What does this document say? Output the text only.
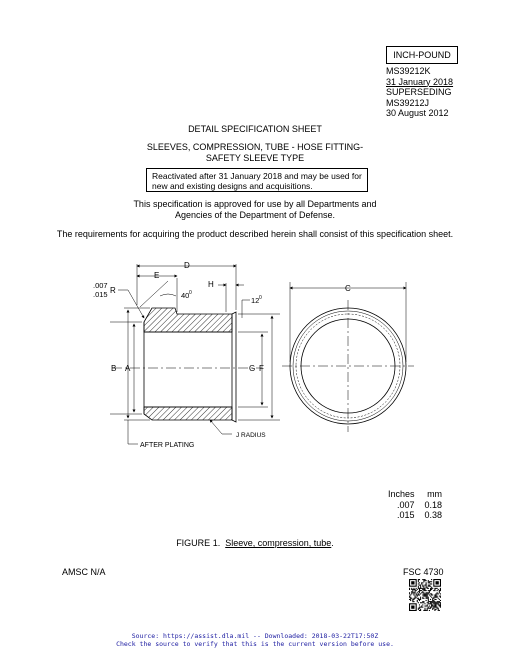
INCH-POUND
MS39212K
31 January 2018
SUPERSEDING
MS39212J
30 August 2012
DETAIL SPECIFICATION SHEET
SLEEVES, COMPRESSION, TUBE - HOSE FITTING-
SAFETY SLEEVE TYPE
Reactivated after 31 January 2018 and may be used for
new and existing designs and acquisitions.
This specification is approved for use by all Departments and
Agencies of the Department of Defense.
The requirements for acquiring the product described herein shall consist of this specification sheet.
D
E
.007
.015 R
40 0
H
12 0
B A	G F
C
J RADIUS
AFTER PLATING
Inches	mm
.007	0.18
.015	0.38
FIGURE 1. Sleeve, compression, tube.
AMSC N/A	FSC 4730
Source: https://assist.dla.mil -- Downloaded: 2018-03-22T17:50Z
Check the source to verify that this is the current version before use.
